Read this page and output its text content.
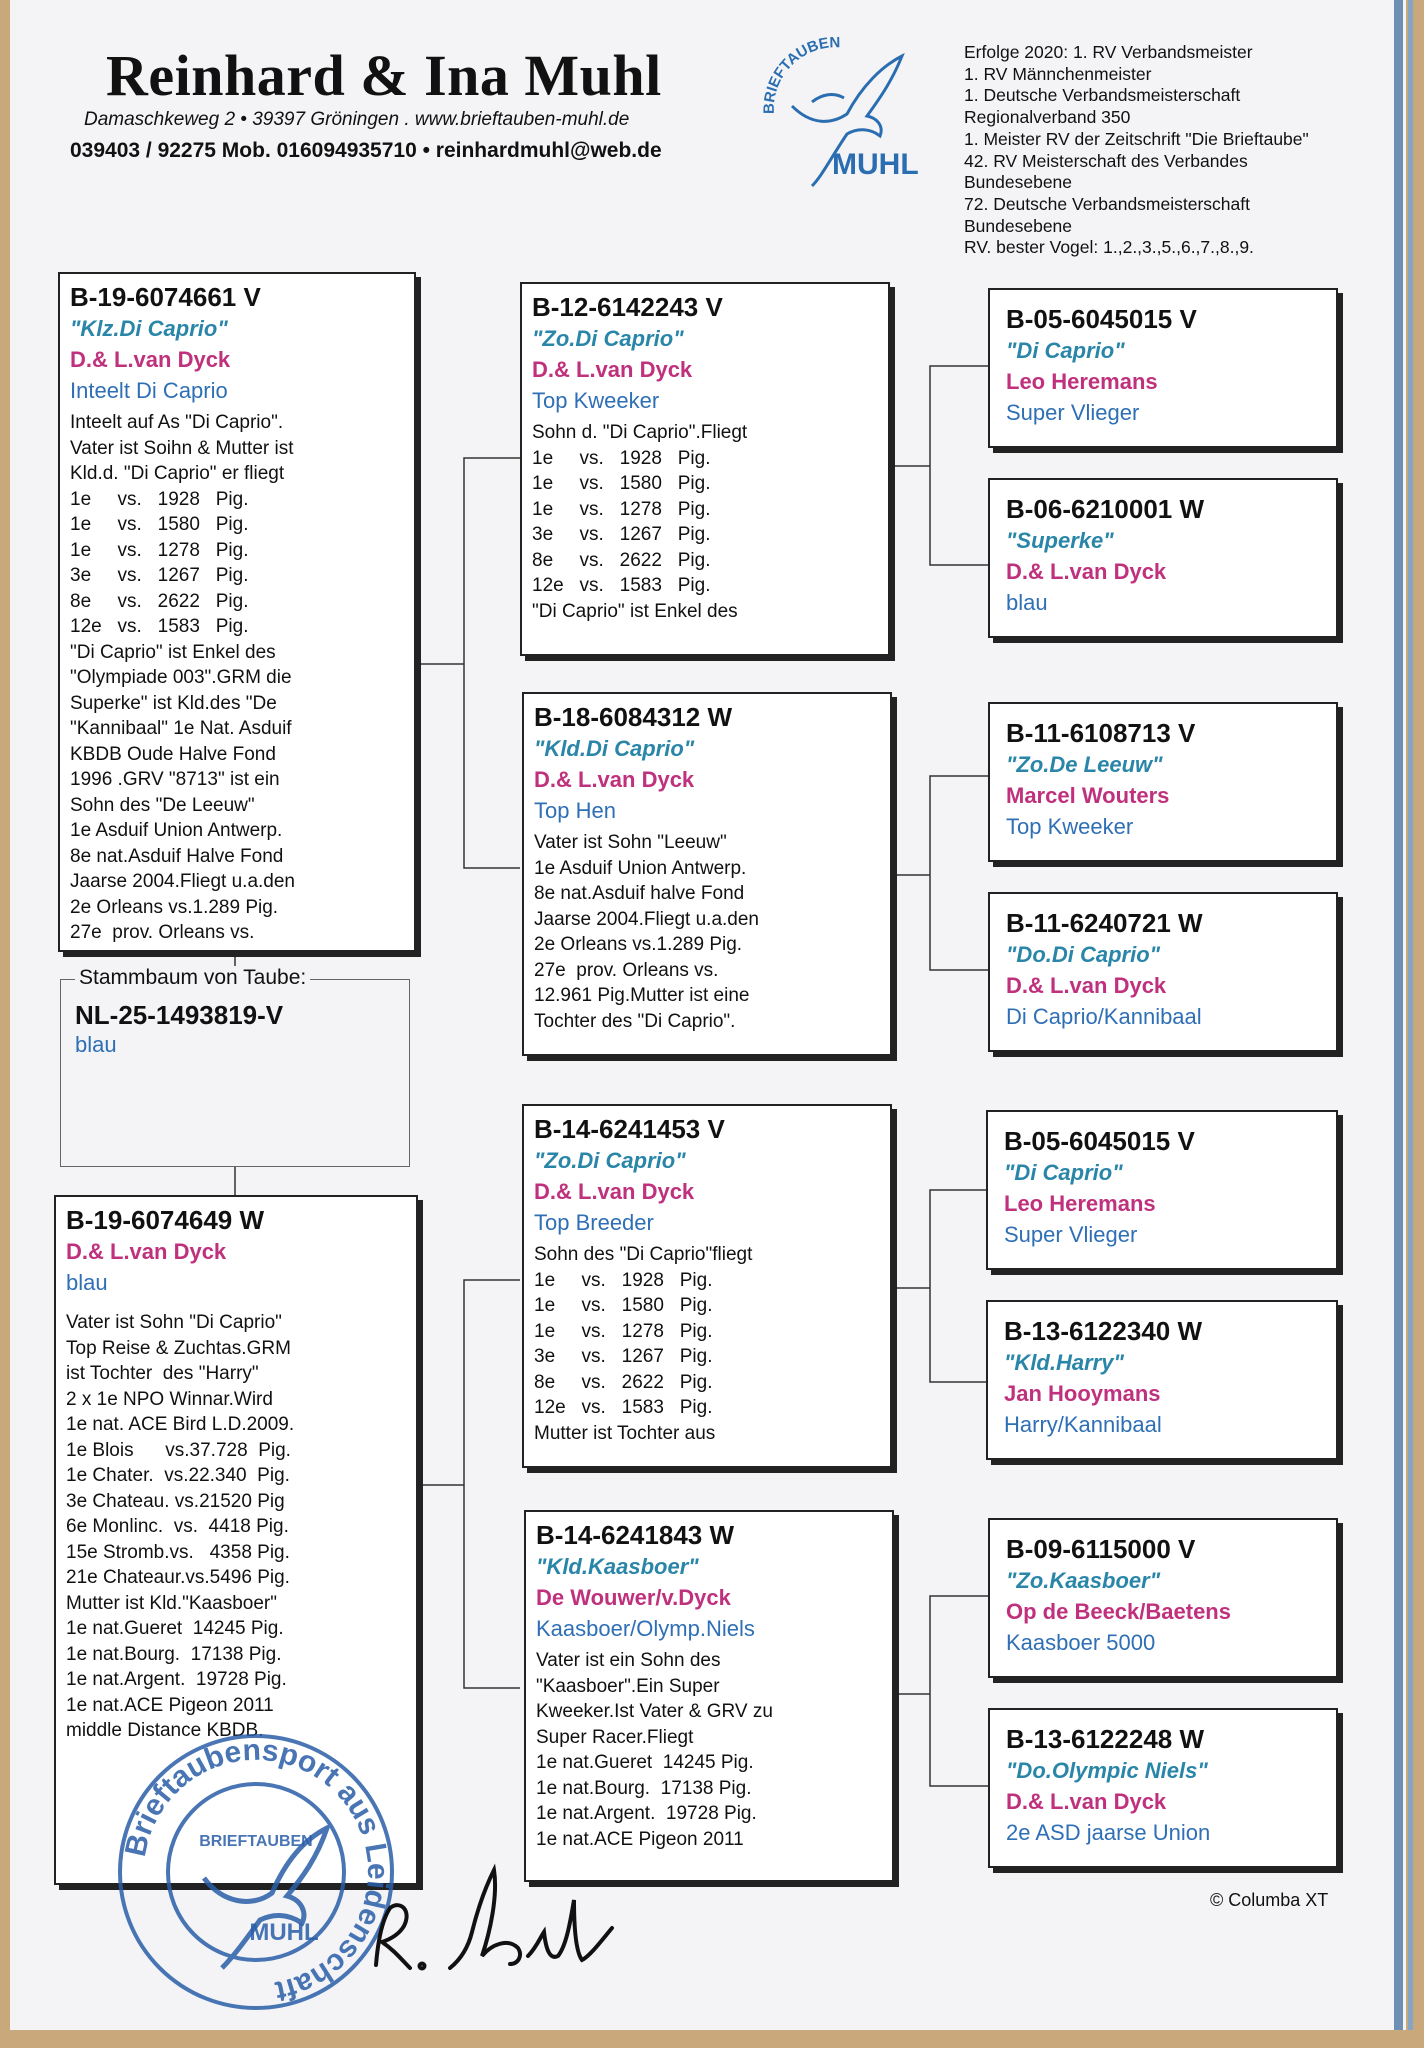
Reinhard & Ina Muhl
Damaschkeweg 2 • 39397 Gröningen . www.brieftauben-muhl.de
039403 / 92275 Mob. 016094935710 • reinhardmuhl@web.de
BRIEFTAUBEN
MUHL
Erfolge 2020: 1. RV Verbandsmeister
1. RV Männchenmeister
1. Deutsche Verbandsmeisterschaft
Regionalverband 350
1. Meister RV der Zeitschrift "Die Brieftaube"
42. RV Meisterschaft des Verbandes
Bundesebene
72. Deutsche Verbandsmeisterschaft
Bundesebene
RV. bester Vogel: 1.,2.,3.,5.,6.,7.,8.,9.
B-19-6074661 V
"Klz.Di Caprio"
D.& L.van Dyck
Inteelt Di Caprio
Inteelt auf As "Di Caprio".
Vater ist Soihn & Mutter ist
Kld.d. "Di Caprio" er fliegt
1e     vs.   1928   Pig.
1e     vs.   1580   Pig.
1e     vs.   1278   Pig.
3e     vs.   1267   Pig.
8e     vs.   2622   Pig.
12e   vs.   1583   Pig.
"Di Caprio" ist Enkel des
"Olympiade 003".GRM die
Superke" ist Kld.des "De
"Kannibaal" 1e Nat. Asduif
KBDB Oude Halve Fond
1996 .GRV "8713" ist ein
Sohn des "De Leeuw"
1e Asduif Union Antwerp.
8e nat.Asduif Halve Fond
Jaarse 2004.Fliegt u.a.den
2e Orleans vs.1.289 Pig.
27e  prov. Orleans vs.
Stammbaum von Taube:
NL-25-1493819-V
blau
B-19-6074649 W
D.& L.van Dyck
blau
Vater ist Sohn "Di Caprio"
Top Reise & Zuchtas.GRM
ist Tochter  des "Harry"
2 x 1e NPO Winnar.Wird
1e nat. ACE Bird L.D.2009.
1e Blois      vs.37.728  Pig.
1e Chater.  vs.22.340  Pig.
3e Chateau. vs.21520 Pig
6e Monlinc.  vs.  4418 Pig.
15e Stromb.vs.   4358 Pig.
21e Chateaur.vs.5496 Pig.
Mutter ist Kld."Kaasboer"
1e nat.Gueret  14245 Pig.
1e nat.Bourg.  17138 Pig.
1e nat.Argent.  19728 Pig.
1e nat.ACE Pigeon 2011
middle Distance KBDB.
B-12-6142243 V
"Zo.Di Caprio"
D.& L.van Dyck
Top Kweeker
Sohn d. "Di Caprio".Fliegt
1e     vs.   1928   Pig.
1e     vs.   1580   Pig.
1e     vs.   1278   Pig.
3e     vs.   1267   Pig.
8e     vs.   2622   Pig.
12e   vs.   1583   Pig.
"Di Caprio" ist Enkel des
B-18-6084312 W
"Kld.Di Caprio"
D.& L.van Dyck
Top Hen
Vater ist Sohn "Leeuw"
1e Asduif Union Antwerp.
8e nat.Asduif halve Fond
Jaarse 2004.Fliegt u.a.den
2e Orleans vs.1.289 Pig.
27e  prov. Orleans vs.
12.961 Pig.Mutter ist eine
Tochter des "Di Caprio".
B-14-6241453 V
"Zo.Di Caprio"
D.& L.van Dyck
Top Breeder
Sohn des "Di Caprio"fliegt
1e     vs.   1928   Pig.
1e     vs.   1580   Pig.
1e     vs.   1278   Pig.
3e     vs.   1267   Pig.
8e     vs.   2622   Pig.
12e   vs.   1583   Pig.
Mutter ist Tochter aus
B-14-6241843 W
"Kld.Kaasboer"
De Wouwer/v.Dyck
Kaasboer/Olymp.Niels
Vater ist ein Sohn des
"Kaasboer".Ein Super
Kweeker.Ist Vater & GRV zu
Super Racer.Fliegt
1e nat.Gueret  14245 Pig.
1e nat.Bourg.  17138 Pig.
1e nat.Argent.  19728 Pig.
1e nat.ACE Pigeon 2011
B-05-6045015 V
"Di Caprio"
Leo Heremans
Super Vlieger
B-06-6210001 W
"Superke"
D.& L.van Dyck
blau
B-11-6108713 V
"Zo.De Leeuw"
Marcel Wouters
Top Kweeker
B-11-6240721 W
"Do.Di Caprio"
D.& L.van Dyck
Di Caprio/Kannibaal
B-05-6045015 V
"Di Caprio"
Leo Heremans
Super Vlieger
B-13-6122340 W
"Kld.Harry"
Jan Hooymans
Harry/Kannibaal
B-09-6115000 V
"Zo.Kaasboer"
Op de Beeck/Baetens
Kaasboer 5000
B-13-6122248 W
"Do.Olympic Niels"
D.& L.van Dyck
2e ASD jaarse Union
Brieftaubensport aus Leidenschaft
BRIEFTAUBEN
MUHL
© Columba XT
